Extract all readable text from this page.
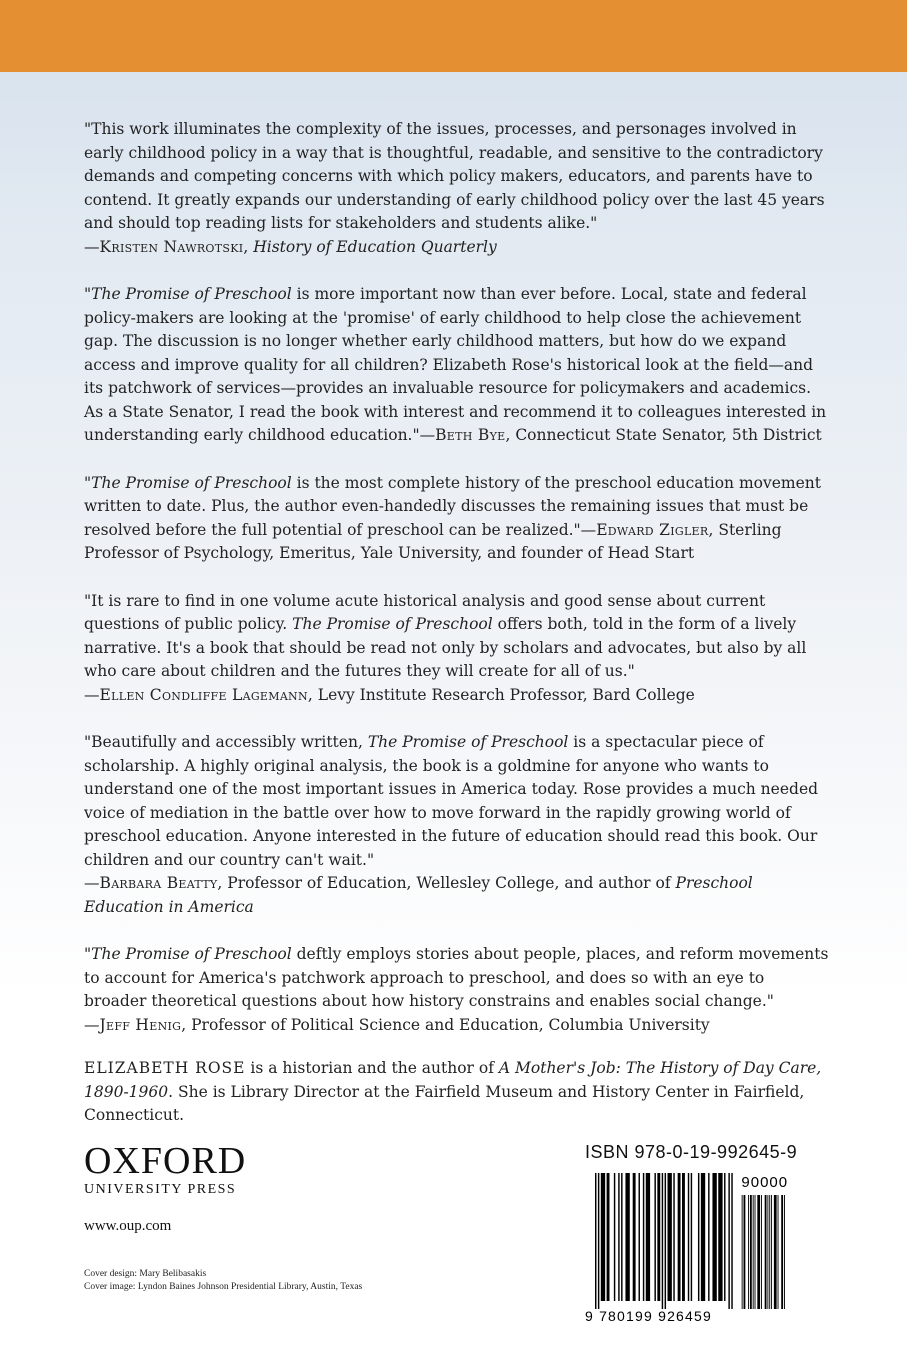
"This work illuminates the complexity of the issues, processes, and personages involved in early childhood policy in a way that is thoughtful, readable, and sensitive to the contradictory demands and competing concerns with which policy makers, educators, and parents have to contend. It greatly expands our understanding of early childhood policy over the last 45 years and should top reading lists for stakeholders and students alike."

—Kristen Nawrotski, History of Education Quarterly

"The Promise of Preschool is more important now than ever before. Local, state and federal policy-makers are looking at the 'promise' of early childhood to help close the achievement gap. The discussion is no longer whether early childhood matters, but how do we expand access and improve quality for all children? Elizabeth Rose's historical look at the field—and its patchwork of services—provides an invaluable resource for policymakers and academics. As a State Senator, I read the book with interest and recommend it to colleagues interested in understanding early childhood education."—Beth Bye, Connecticut State Senator, 5th District

"The Promise of Preschool is the most complete history of the preschool education movement written to date. Plus, the author even-handedly discusses the remaining issues that must be resolved before the full potential of preschool can be realized."—Edward Zigler, Sterling Professor of Psychology, Emeritus, Yale University, and founder of Head Start

"It is rare to find in one volume acute historical analysis and good sense about current questions of public policy. The Promise of Preschool offers both, told in the form of a lively narrative. It's a book that should be read not only by scholars and advocates, but also by all who care about children and the futures they will create for all of us."

—Ellen Condliffe Lagemann, Levy Institute Research Professor, Bard College

"Beautifully and accessibly written, The Promise of Preschool is a spectacular piece of scholarship. A highly original analysis, the book is a goldmine for anyone who wants to understand one of the most important issues in America today. Rose provides a much needed voice of mediation in the battle over how to move forward in the rapidly growing world of preschool education. Anyone interested in the future of education should read this book. Our children and our country can't wait."

—Barbara Beatty, Professor of Education, Wellesley College, and author of Preschool Education in America

"The Promise of Preschool deftly employs stories about people, places, and reform movements to account for America's patchwork approach to preschool, and does so with an eye to broader theoretical questions about how history constrains and enables social change."

—Jeff Henig, Professor of Political Science and Education, Columbia University

ELIZABETH ROSE is a historian and the author of A Mother's Job: The History of Day Care, 1890-1960. She is Library Director at the Fairfield Museum and History Center in Fairfield, Connecticut.
OXFORD
UNIVERSITY PRESS
www.oup.com
Cover design: Mary Belibasakis
Cover image: Lyndon Baines Johnson Presidential Library, Austin, Texas
ISBN 978-0-19-992645-9
90000
9 780199 926459
